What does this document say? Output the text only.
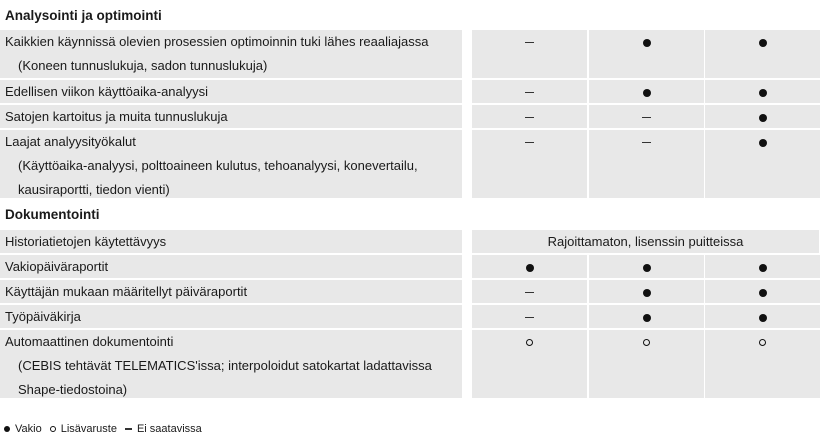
Analysointi ja optimointi
Kaikkien käynnissä olevien prosessien optimoinnin tuki lähes reaaliajassa
(Koneen tunnuslukuja, sadon tunnuslukuja)
Edellisen viikon käyttöaika-analyysi
Satojen kartoitus ja muita tunnuslukuja
Laajat analyysityökalut
(Käyttöaika-analyysi, polttoaineen kulutus, tehoanalyysi, konevertailu,
kausiraportti, tiedon vienti)
Dokumentointi
Historiatietojen käytettävyys	Rajoittamaton, lisenssin puitteissa
Vakiopäiväraportit
Käyttäjän mukaan määritellyt päiväraportit
Työpäiväkirja
Automaattinen dokumentointi
(CEBIS tehtävät TELEMATICS'issa; interpoloidut satokartat ladattavissa
Shape-tiedostoina)
Vakio Lisävaruste Ei saatavissa
